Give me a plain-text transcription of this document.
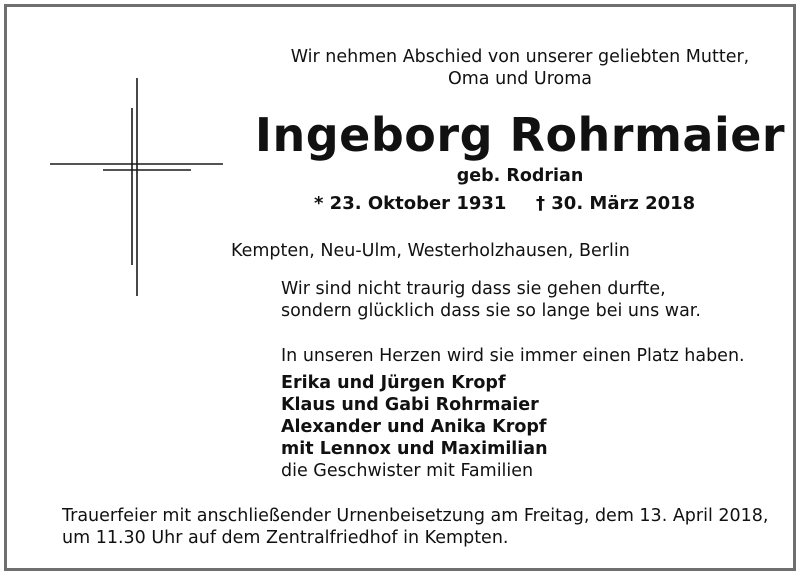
Wir nehmen Abschied von unserer geliebten Mutter,
Oma und Uroma
Ingeborg Rohrmaier
geb. Rodrian
* 23. Oktober 1931 † 30. März 2018
Kempten, Neu-Ulm, Westerholzhausen, Berlin
Wir sind nicht traurig dass sie gehen durfte,
sondern glücklich dass sie so lange bei uns war.
In unseren Herzen wird sie immer einen Platz haben.
Erika und Jürgen Kropf
Klaus und Gabi Rohrmaier
Alexander und Anika Kropf
mit Lennox und Maximilian
die Geschwister mit Familien
Trauerfeier mit anschließender Urnenbeisetzung am Freitag, dem 13. April 2018,
um 11.30 Uhr auf dem Zentralfriedhof in Kempten.
